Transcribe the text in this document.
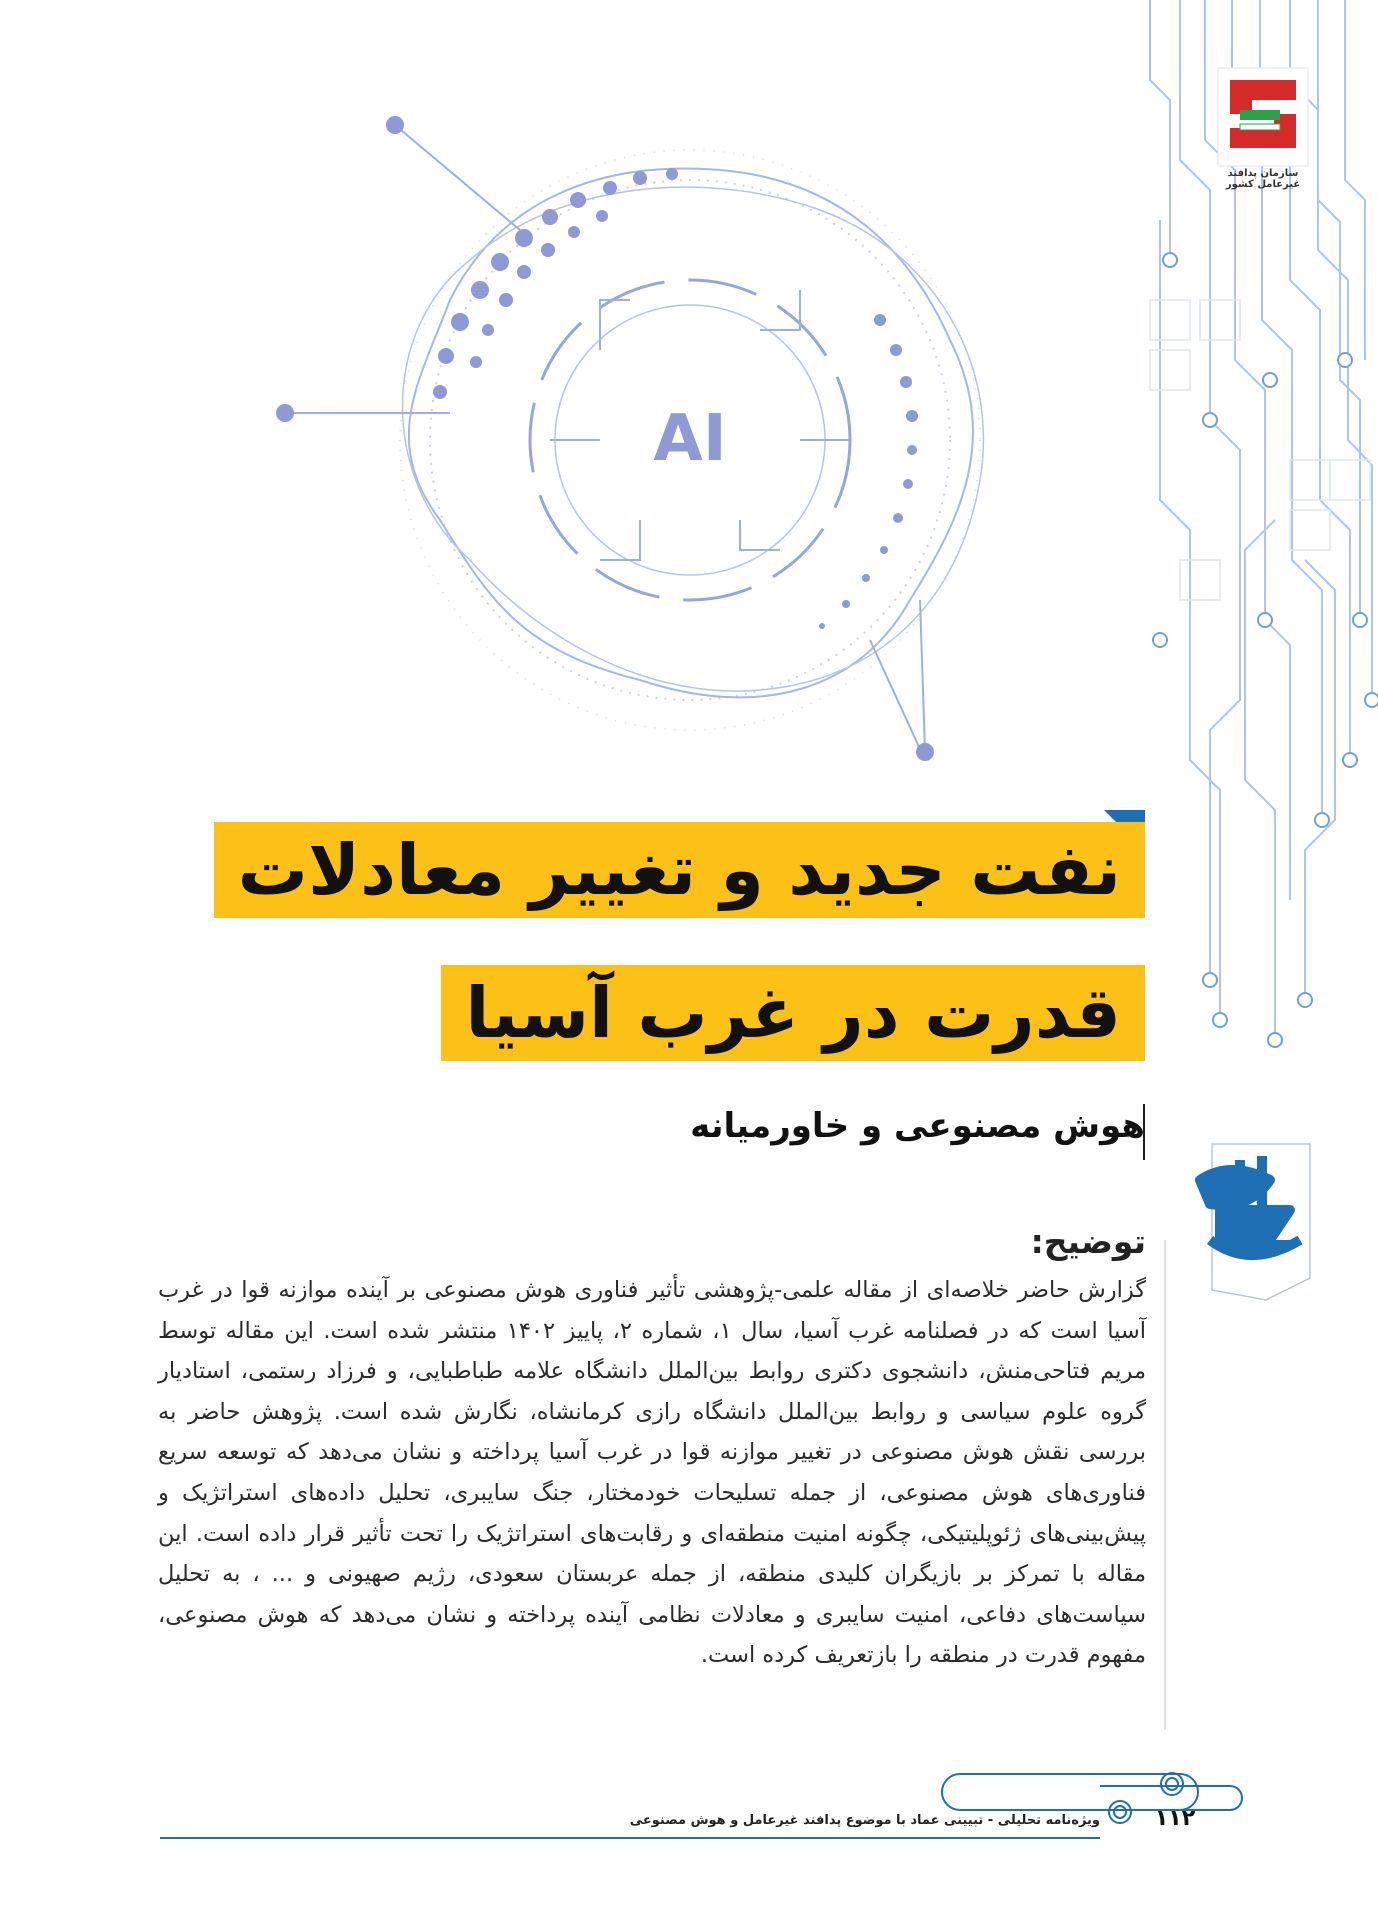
AI
سازمان پدافند غیرعامل کشور
نفت جدید و تغییر معادلات
قدرت در غرب آسیا
هوش مصنوعی و خاورمیانه
توضیح:
گزارش حاضر خلاصه‌ای از مقاله علمی-پژوهشی تأثیر فناوری هوش مصنوعی بر آینده موازنه قوا در غرب آسیا است که در فصلنامه غرب آسیا، سال ۱، شماره ۲، پاییز ۱۴۰۲ منتشر شده است. این مقاله توسط مریم فتاحی‌منش، دانشجوی دکتری روابط بین‌الملل دانشگاه علامه طباطبایی، و فرزاد رستمی، استادیار گروه علوم سیاسی و روابط بین‌الملل دانشگاه رازی کرمانشاه، نگارش شده است. پژوهش حاضر به بررسی نقش هوش مصنوعی در تغییر موازنه قوا در غرب آسیا پرداخته و نشان می‌دهد که توسعه سریع فناوری‌های هوش مصنوعی، از جمله تسلیحات خودمختار، جنگ سایبری، تحلیل داده‌های استراتژیک و پیش‌بینی‌های ژئوپلیتیکی، چگونه امنیت منطقه‌ای و رقابت‌های استراتژیک را تحت تأثیر قرار داده است. این مقاله با تمرکز بر بازیگران کلیدی منطقه، از جمله عربستان سعودی، رژیم صهیونی و ... ، به تحلیل سیاست‌های دفاعی، امنیت سایبری و معادلات نظامی آینده پرداخته و نشان می‌دهد که هوش مصنوعی، مفهوم قدرت در منطقه را بازتعریف کرده است.
ویژه‌نامه تحلیلی - تبیینی عماد با موضوع پدافند غیرعامل و هوش مصنوعی ۱۱۲
